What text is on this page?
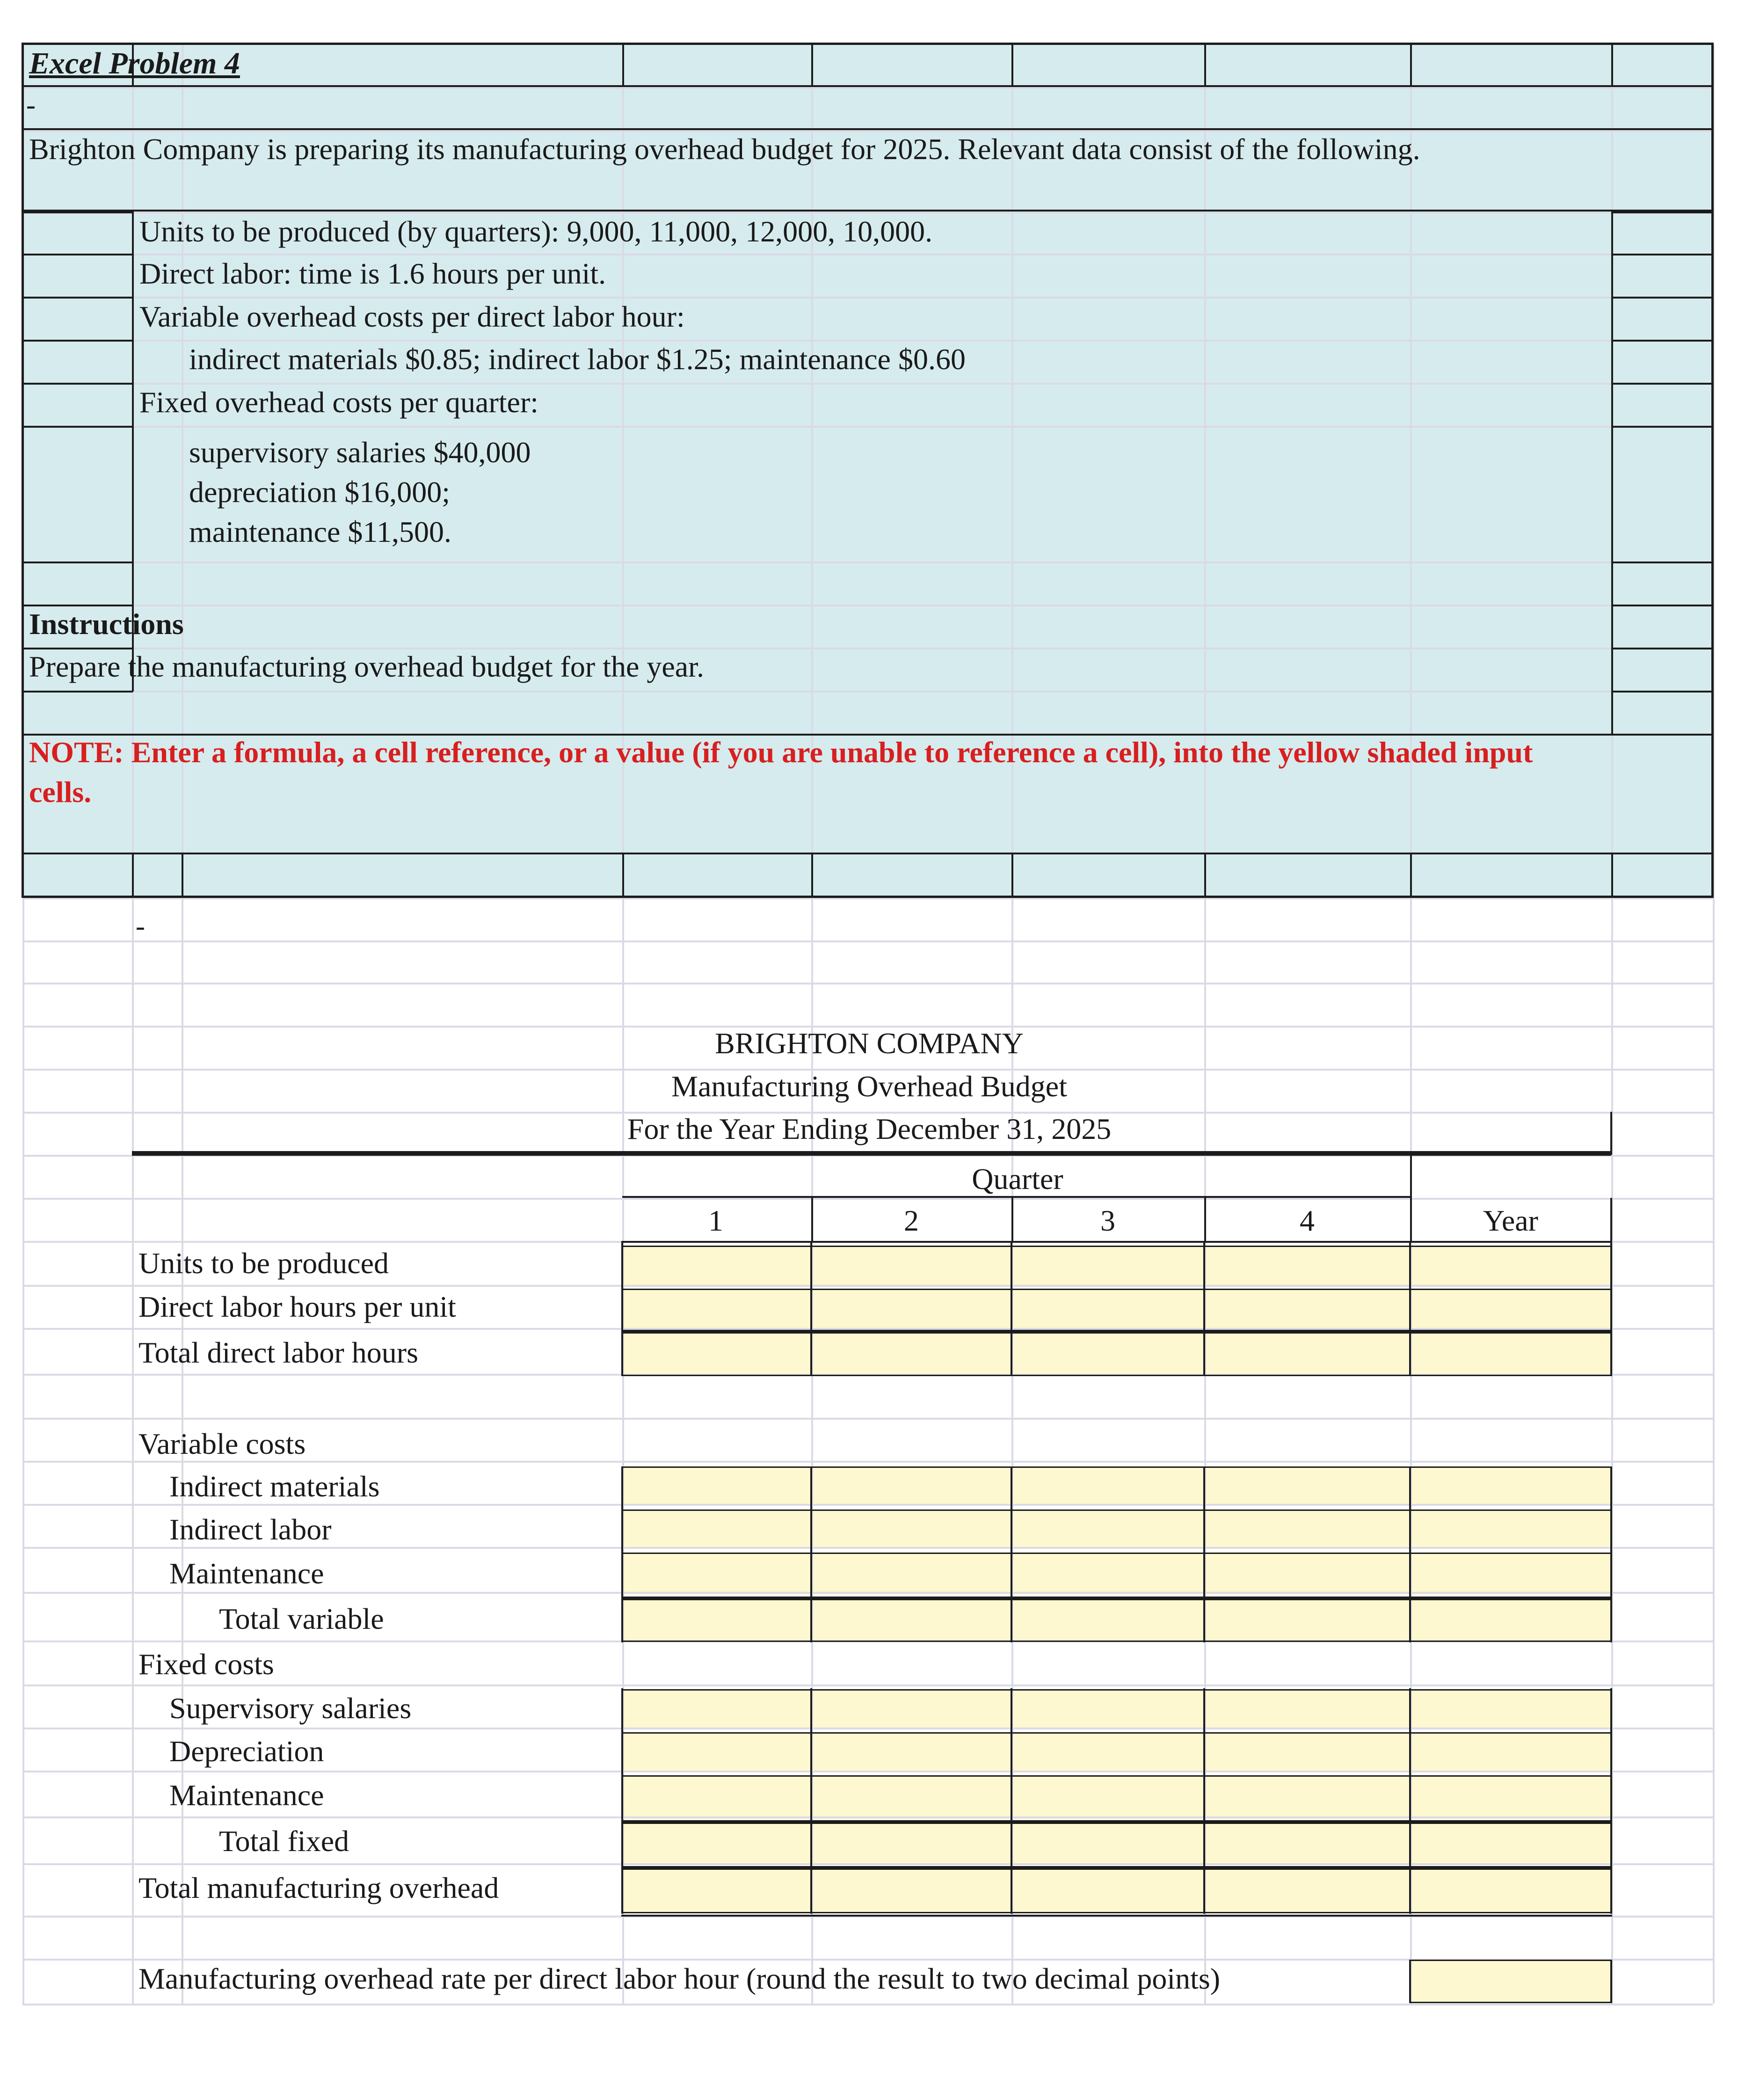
Excel Problem 4
-
Brighton Company is preparing its manufacturing overhead budget for 2025. Relevant data consist of the following.
Units to be produced (by quarters): 9,000, 11,000, 12,000, 10,000.
Direct labor: time is 1.6 hours per unit.
Variable overhead costs per direct labor hour:
indirect materials $0.85; indirect labor $1.25; maintenance $0.60
Fixed overhead costs per quarter:
supervisory salaries $40,000
depreciation $16,000;
maintenance $11,500.
Instructions
Prepare the manufacturing overhead budget for the year.
NOTE: Enter a formula, a cell reference, or a value (if you are unable to reference a cell), into the yellow shaded input
cells.
-
BRIGHTON COMPANY
Manufacturing Overhead Budget
For the Year Ending December 31, 2025
Quarter
1	2	3	4	Year
Units to be produced
Direct labor hours per unit
Total direct labor hours
Variable costs
Indirect materials
Indirect labor
Maintenance
Total variable
Fixed costs
Supervisory salaries
Depreciation
Maintenance
Total fixed
Total manufacturing overhead
Manufacturing overhead rate per direct labor hour (round the result to two decimal points)
